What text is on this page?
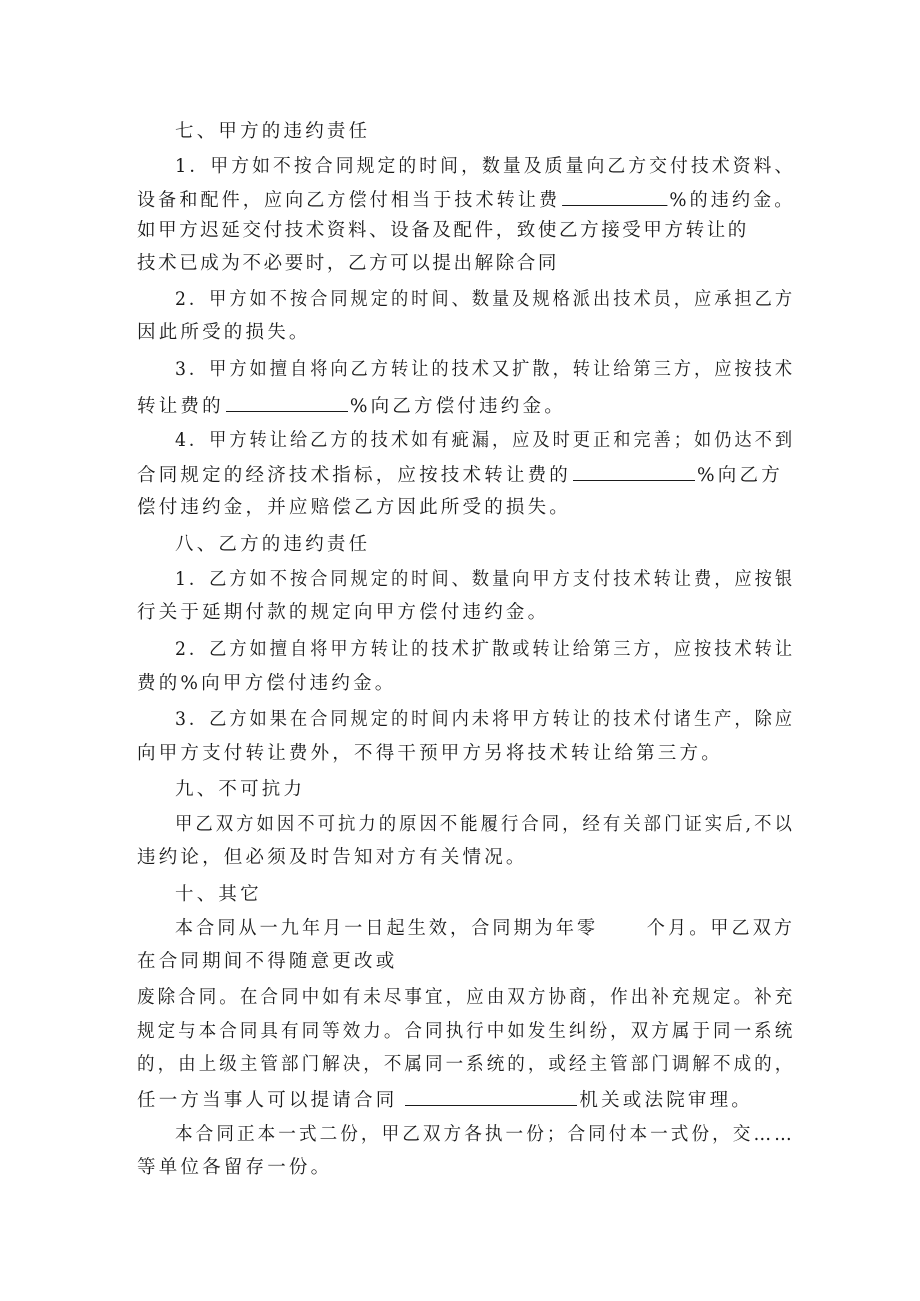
七、甲方的违约责任
1．甲方如不按合同规定的时间，数量及质量向乙方交付技术资料、
设备和配件，应向乙方偿付相当于技术转让费	%的违约金。
如甲方迟延交付技术资料、设备及配件，致使乙方接受甲方转让的
技术已成为不必要时，乙方可以提出解除合同
2．甲方如不按合同规定的时间、数量及规格派出技术员，应承担乙方
因此所受的损失。
3．甲方如擅自将向乙方转让的技术又扩散，转让给第三方，应按技术
转让费的	%向乙方偿付违约金。
4．甲方转让给乙方的技术如有疵漏，应及时更正和完善；如仍达不到
合同规定的经济技术指标，应按技术转让费的	%向乙方
偿付违约金，并应赔偿乙方因此所受的损失。
八、乙方的违约责任
1．乙方如不按合同规定的时间、数量向甲方支付技术转让费，应按银
行关于延期付款的规定向甲方偿付违约金。
2．乙方如擅自将甲方转让的技术扩散或转让给第三方，应按技术转让
费的%向甲方偿付违约金。
3．乙方如果在合同规定的时间内未将甲方转让的技术付诸生产，除应
向甲方支付转让费外，不得干预甲方另将技术转让给第三方。
九、不可抗力
甲乙双方如因不可抗力的原因不能履行合同，经有关部门证实后,不以
违约论，但必须及时告知对方有关情况。
十、其它
本合同从一九年月一日起生效，合同期为年零	个月。甲乙双方
在合同期间不得随意更改或
废除合同。在合同中如有未尽事宜，应由双方协商，作出补充规定。补充
规定与本合同具有同等效力。合同执行中如发生纠纷，双方属于同一系统
的，由上级主管部门解决，不属同一系统的，或经主管部门调解不成的，
任一方当事人可以提请合同	机关或法院审理。
本合同正本一式二份，甲乙双方各执一份；合同付本一式份，交……
等单位各留存一份。
